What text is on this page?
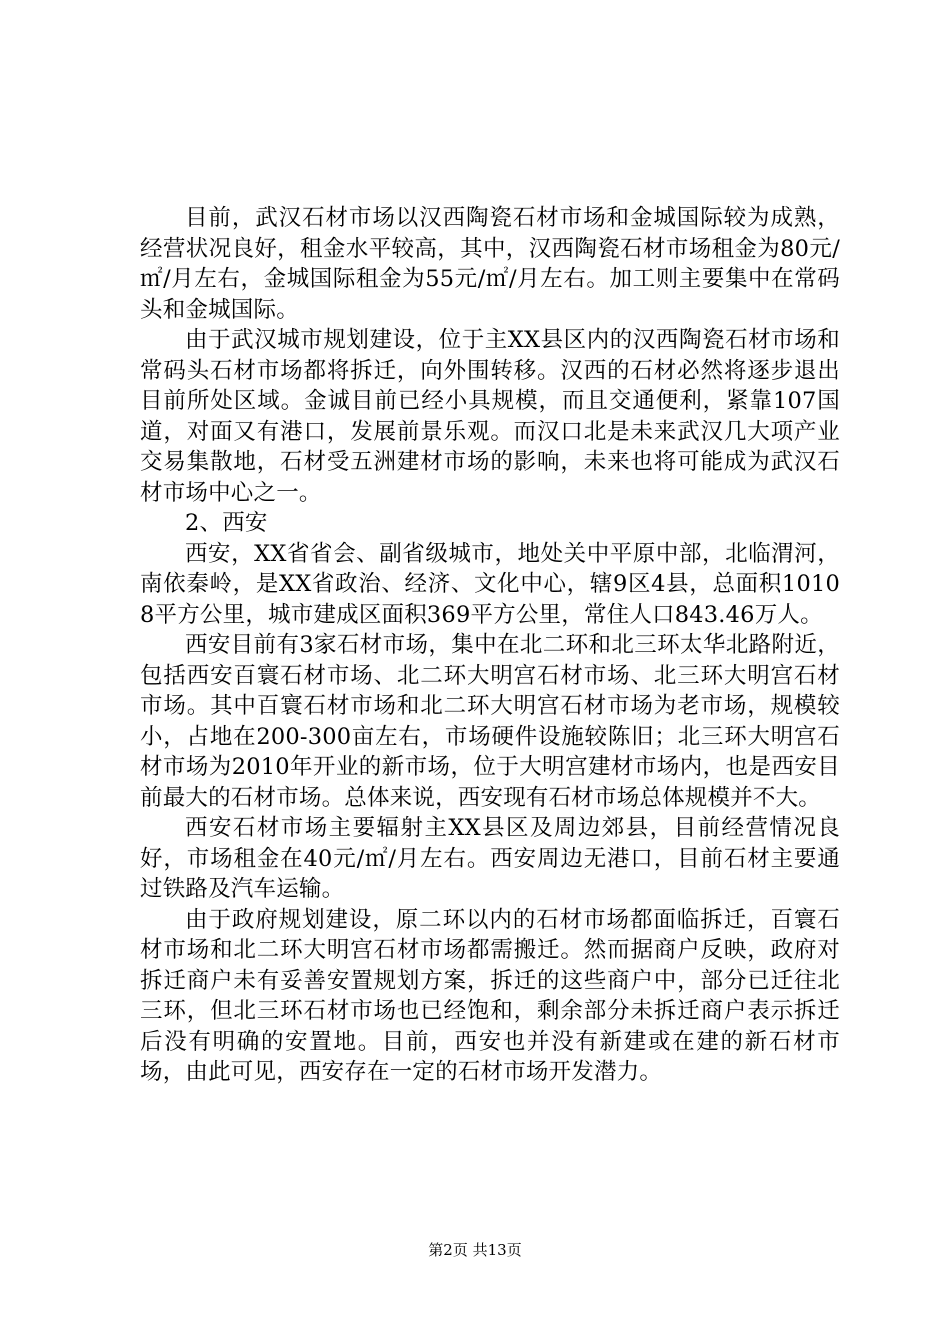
目前，武汉石材市场以汉西陶瓷石材市场和金城国际较为成熟，经营状况良好，租金水平较高，其中，汉西陶瓷石材市场租金为80元/㎡/月左右，金城国际租金为55元/㎡/月左右。加工则主要集中在常码头和金城国际。

由于武汉城市规划建设，位于主XX县区内的汉西陶瓷石材市场和常码头石材市场都将拆迁，向外围转移。汉西的石材必然将逐步退出目前所处区域。金诚目前已经小具规模，而且交通便利，紧靠107国道，对面又有港口，发展前景乐观。而汉口北是未来武汉几大项产业交易集散地，石材受五洲建材市场的影响，未来也将可能成为武汉石材市场中心之一。

2、西安

西安，XX省省会、副省级城市，地处关中平原中部，北临渭河，南依秦岭，是XX省政治、经济、文化中心，辖9区4县，总面积10108平方公里，城市建成区面积369平方公里，常住人口843.46万人。

西安目前有3家石材市场，集中在北二环和北三环太华北路附近，包括西安百寰石材市场、北二环大明宫石材市场、北三环大明宫石材市场。其中百寰石材市场和北二环大明宫石材市场为老市场，规模较小，占地在200-300亩左右，市场硬件设施较陈旧；北三环大明宫石材市场为2010年开业的新市场，位于大明宫建材市场内，也是西安目前最大的石材市场。总体来说，西安现有石材市场总体规模并不大。

西安石材市场主要辐射主XX县区及周边郊县，目前经营情况良好，市场租金在40元/㎡/月左右。西安周边无港口，目前石材主要通过铁路及汽车运输。

由于政府规划建设，原二环以内的石材市场都面临拆迁，百寰石材市场和北二环大明宫石材市场都需搬迁。然而据商户反映，政府对拆迁商户未有妥善安置规划方案，拆迁的这些商户中，部分已迁往北三环，但北三环石材市场也已经饱和，剩余部分未拆迁商户表示拆迁后没有明确的安置地。目前，西安也并没有新建或在建的新石材市场，由此可见，西安存在一定的石材市场开发潜力。

第2页 共13页
